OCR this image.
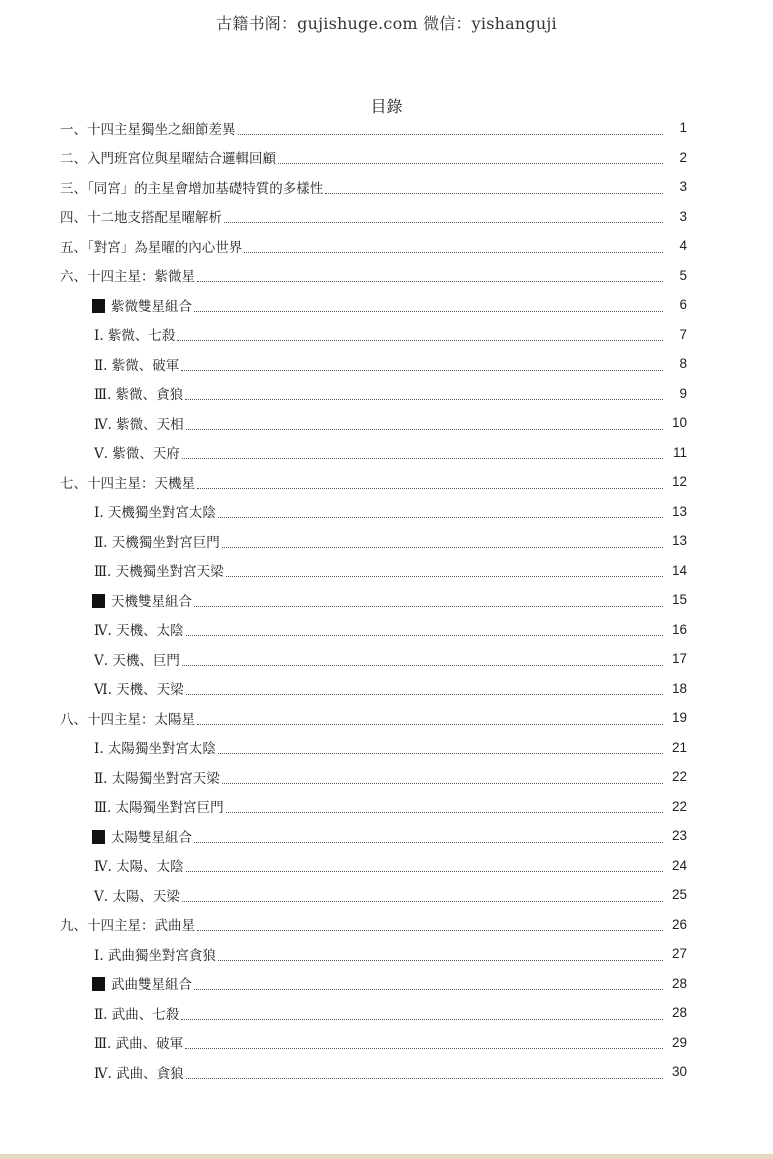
古籍书阁：gujishuge.com 微信：yishanguji
目錄
一、十四主星獨坐之細節差異	1
二、入門班宮位與星曜結合邏輯回顧	2
三、「同宮」的主星會增加基礎特質的多樣性	3
四、十二地支搭配星曜解析	3
五、「對宮」為星曜的內心世界	4
六、十四主星：紫微星	5
紫微雙星組合	6
Ⅰ. 紫微、七殺	7
Ⅱ. 紫微、破軍	8
Ⅲ. 紫微、貪狼	9
Ⅳ. 紫微、天相	10
Ⅴ. 紫微、天府	11
七、十四主星：天機星	12
Ⅰ. 天機獨坐對宮太陰	13
Ⅱ. 天機獨坐對宮巨門	13
Ⅲ. 天機獨坐對宮天梁	14
天機雙星組合	15
Ⅳ. 天機、太陰	16
Ⅴ. 天機、巨門	17
Ⅵ. 天機、天梁	18
八、十四主星：太陽星	19
Ⅰ. 太陽獨坐對宮太陰	21
Ⅱ. 太陽獨坐對宮天梁	22
Ⅲ. 太陽獨坐對宮巨門	22
太陽雙星組合	23
Ⅳ. 太陽、太陰	24
Ⅴ. 太陽、天梁	25
九、十四主星：武曲星	26
Ⅰ. 武曲獨坐對宮貪狼	27
武曲雙星組合	28
Ⅱ. 武曲、七殺	28
Ⅲ. 武曲、破軍	29
Ⅳ. 武曲、貪狼	30
